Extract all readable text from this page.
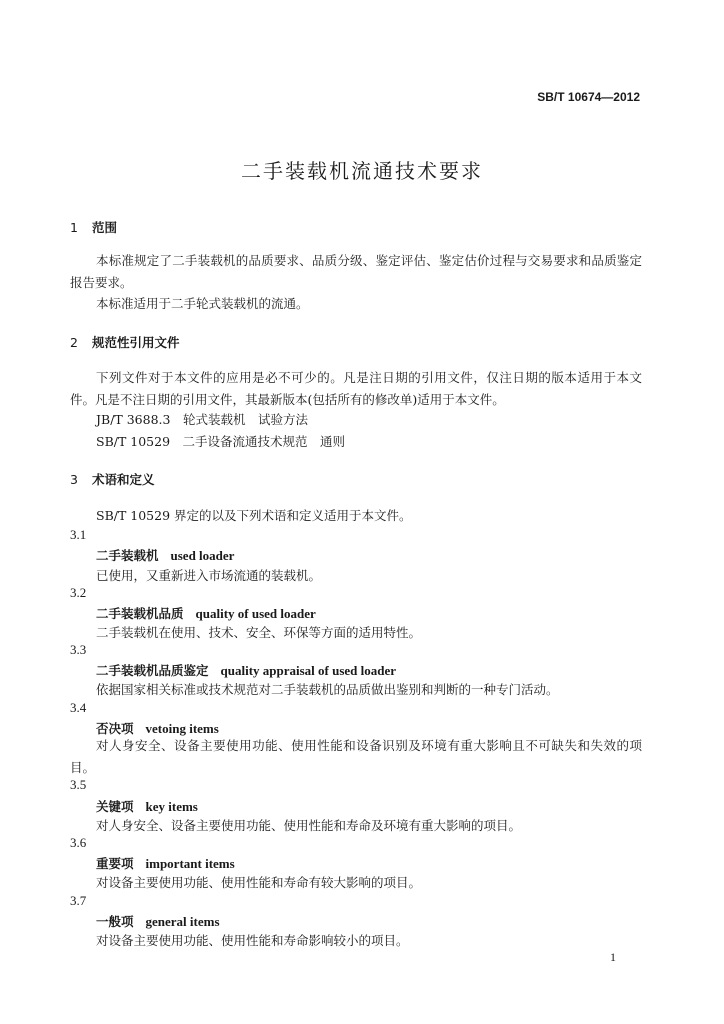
SB/T 10674—2012
二手装载机流通技术要求
1 范围
本标准规定了二手装载机的品质要求、品质分级、鉴定评估、鉴定估价过程与交易要求和品质鉴定报告要求。
本标准适用于二手轮式装载机的流通。
2 规范性引用文件
下列文件对于本文件的应用是必不可少的。凡是注日期的引用文件，仅注日期的版本适用于本文件。凡是不注日期的引用文件，其最新版本(包括所有的修改单)适用于本文件。
JB/T 3688.3　轮式装载机　试验方法
SB/T 10529　二手设备流通技术规范　通则
3 术语和定义
SB/T 10529 界定的以及下列术语和定义适用于本文件。
3.1
二手装载机 used loader
已使用，又重新进入市场流通的装载机。
3.2
二手装载机品质 quality of used loader
二手装载机在使用、技术、安全、环保等方面的适用特性。
3.3
二手装载机品质鉴定 quality appraisal of used loader
依据国家相关标准或技术规范对二手装载机的品质做出鉴别和判断的一种专门活动。
3.4
否决项 vetoing items
对人身安全、设备主要使用功能、使用性能和设备识别及环境有重大影响且不可缺失和失效的项目。
3.5
关键项 key items
对人身安全、设备主要使用功能、使用性能和寿命及环境有重大影响的项目。
3.6
重要项 important items
对设备主要使用功能、使用性能和寿命有较大影响的项目。
3.7
一般项 general items
对设备主要使用功能、使用性能和寿命影响较小的项目。
1
